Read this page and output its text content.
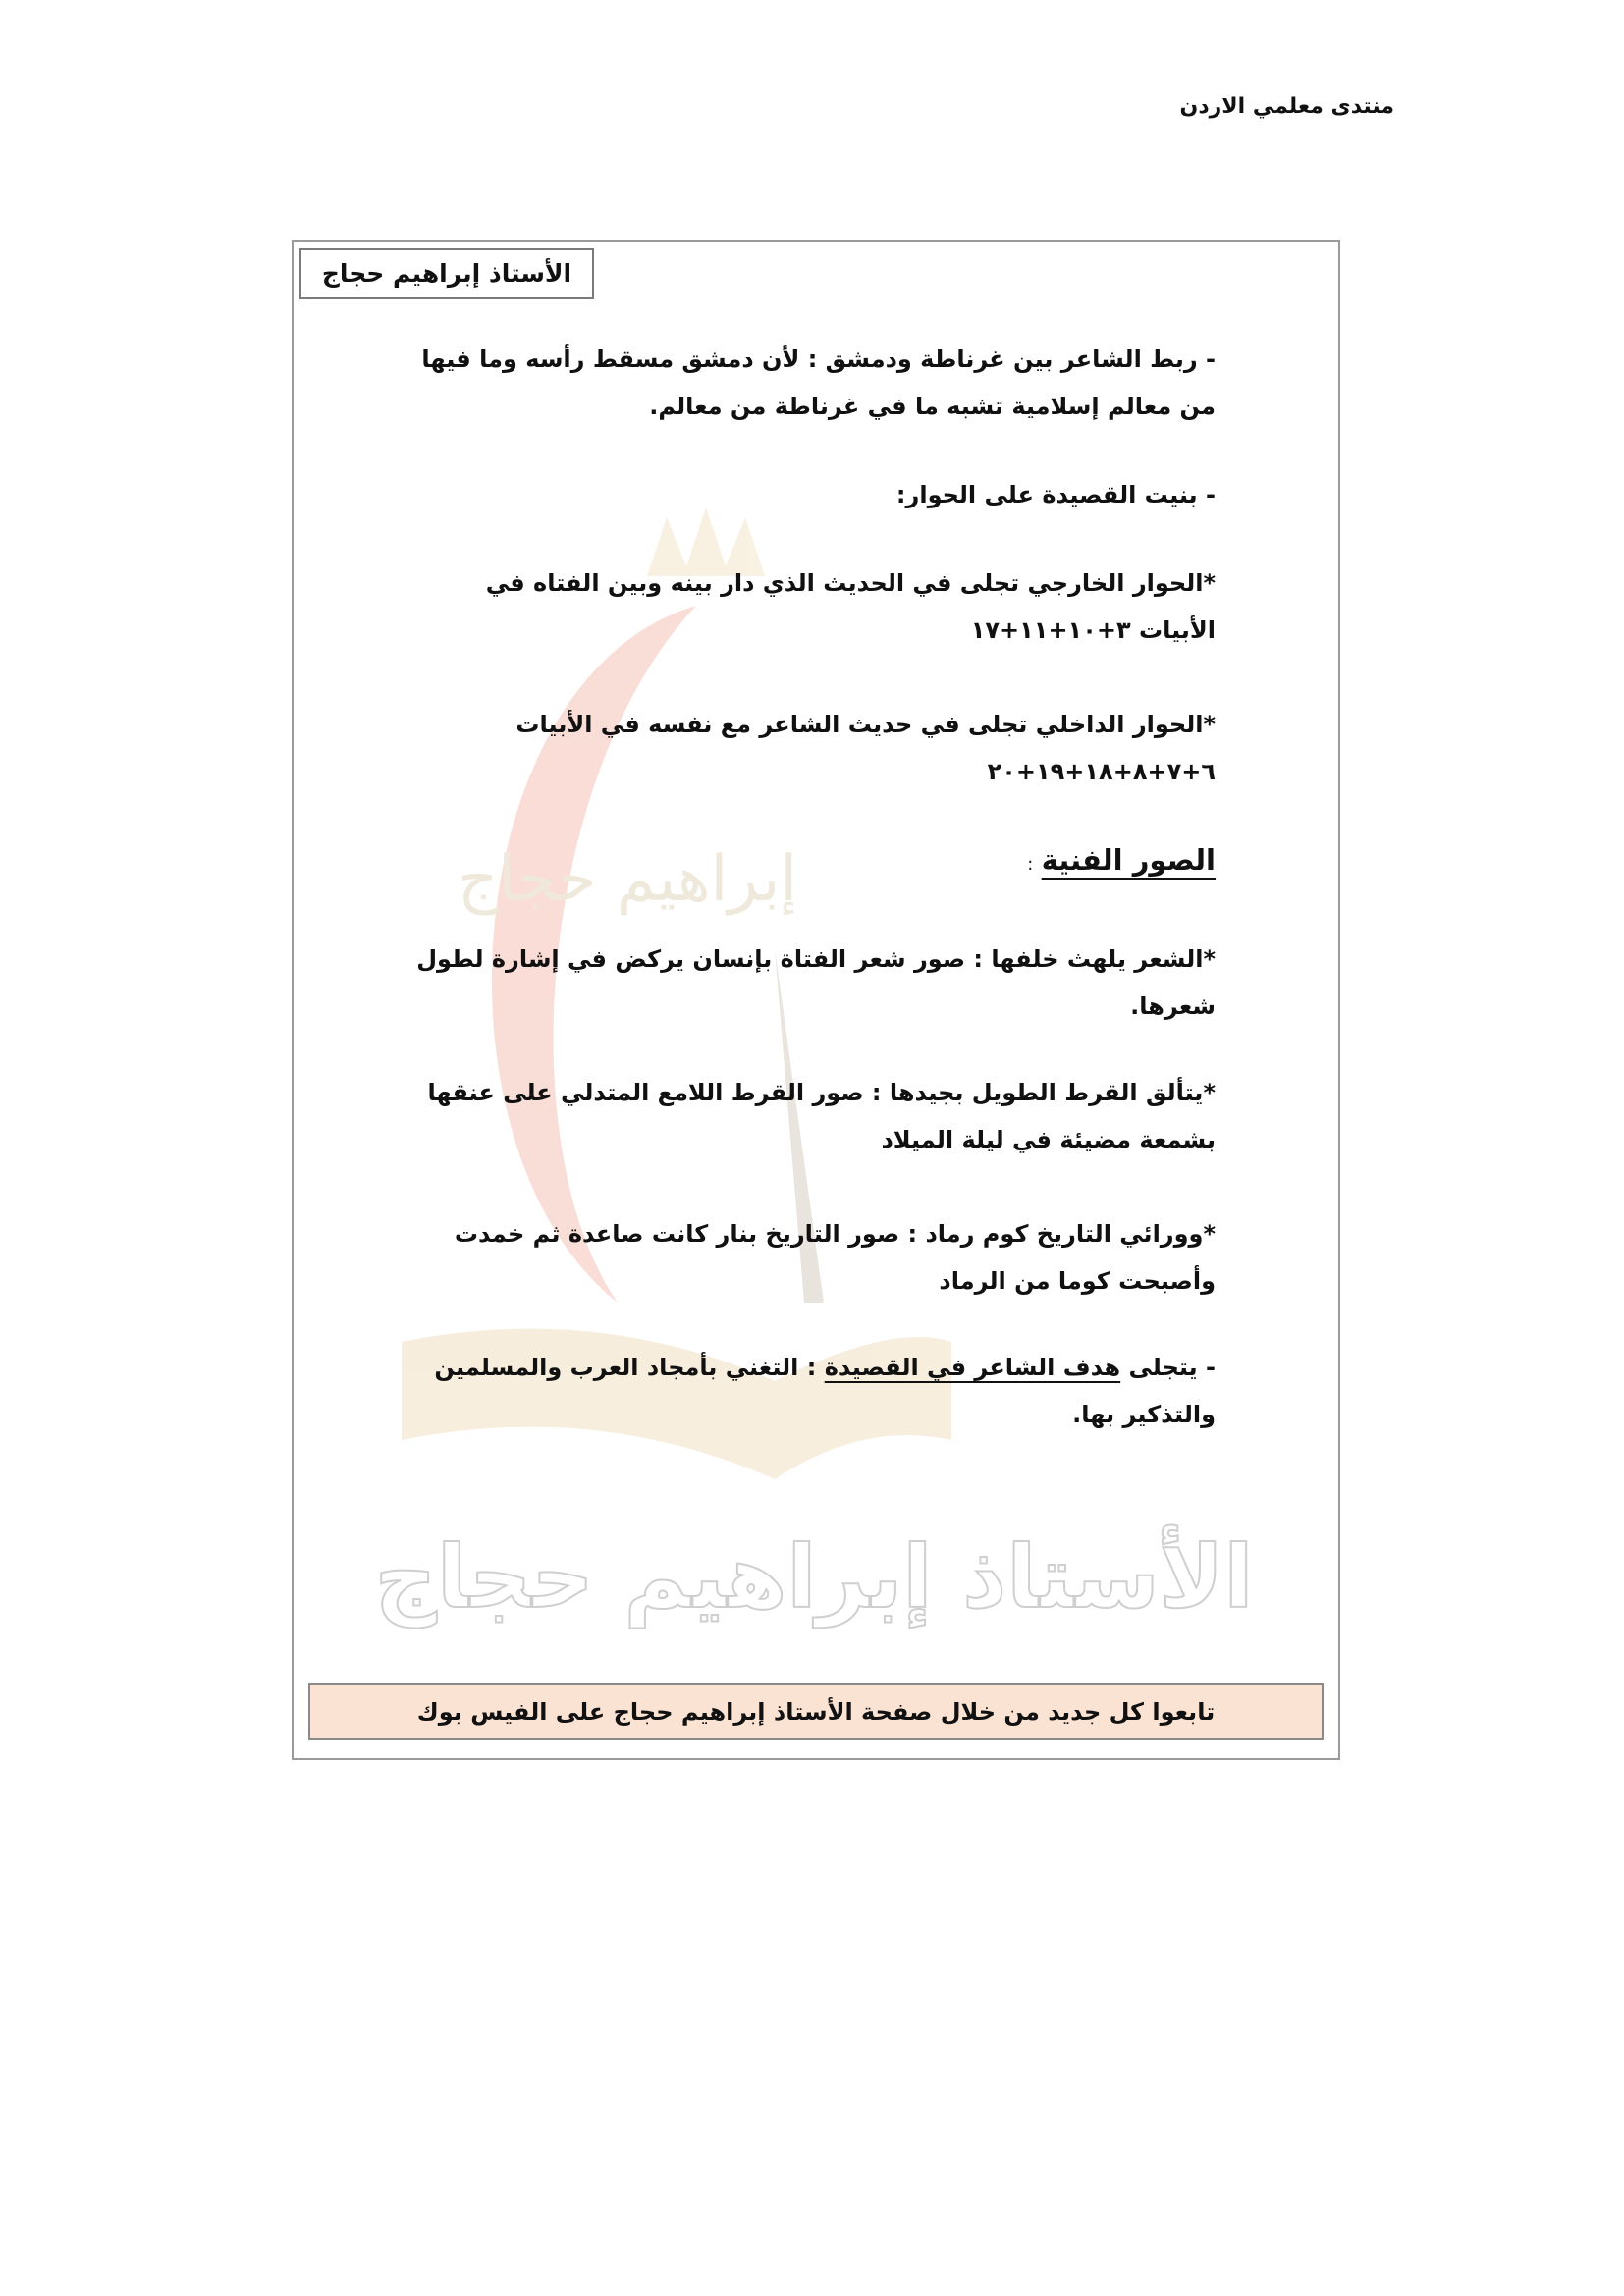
منتدى معلمي الاردن
إبراهيم حجاج
الأستاذ إبراهيم حجاج
الأستاذ إبراهيم حجاج

- ربط الشاعر بين غرناطة ودمشق : لأن دمشق مسقط رأسه وما فيها

من معالم إسلامية تشبه ما في غرناطة من معالم.

- بنيت القصيدة على الحوار:

*الحوار الخارجي تجلى في الحديث الذي دار بينه وبين الفتاه في

الأبيات ٣+١٠+١١+١٧

*الحوار الداخلي تجلى في حديث الشاعر مع نفسه في الأبيات

٦+٧+٨+١٨+١٩+٢٠

الصور الفنية :

*الشعر يلهث خلفها : صور شعر الفتاة بإنسان يركض في إشارة لطول

شعرها.

*يتألق القرط الطويل بجيدها : صور القرط اللامع المتدلي على عنقها

بشمعة مضيئة في ليلة الميلاد

*وورائي التاريخ كوم رماد : صور التاريخ بنار كانت صاعدة ثم خمدت

وأصبحت كوما من الرماد

- يتجلى هدف الشاعر في القصيدة : التغني بأمجاد العرب والمسلمين

والتذكير بها.

تابعوا كل جديد من خلال صفحة الأستاذ إبراهيم حجاج على الفيس بوك
